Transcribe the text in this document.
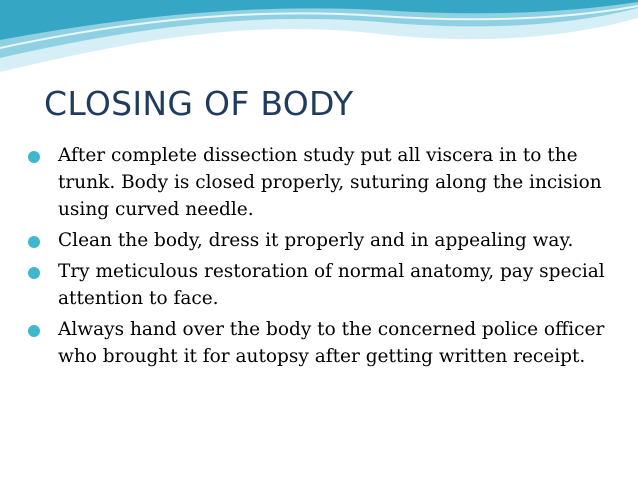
CLOSING OF BODY
After complete dissection study put all viscera in to the trunk. Body is closed properly, suturing along the incision using curved needle.
Clean the body, dress it properly and in appealing way.
Try meticulous restoration of normal anatomy, pay special attention to face.
Always hand over the body to the concerned police officer who brought it for autopsy after getting written receipt.
